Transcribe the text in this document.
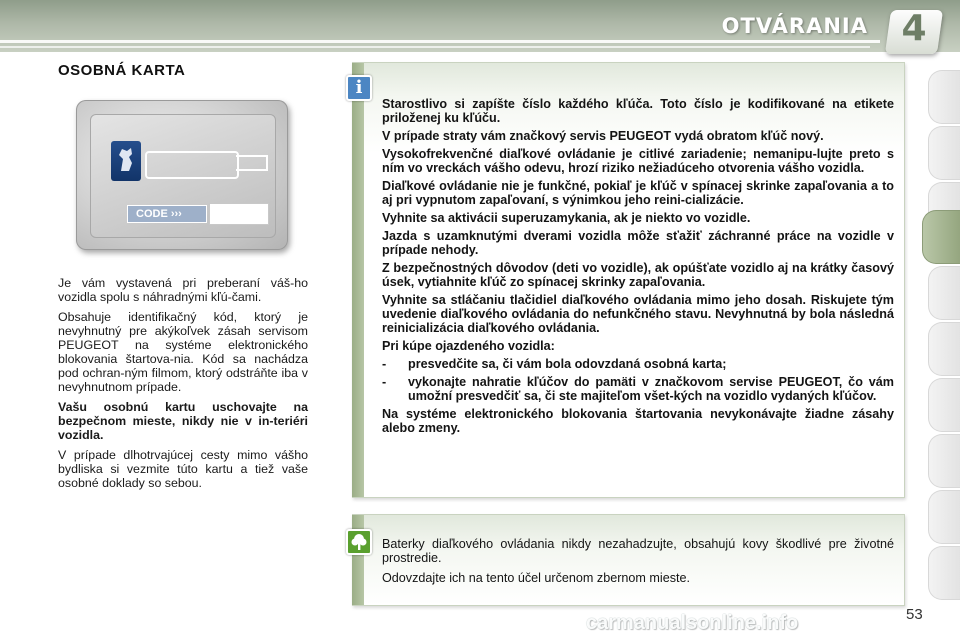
OTVÁRANIA 4
OSOBNÁ KARTA
CODE ›››

Je vám vystavená pri preberaní váš-ho vozidla spolu s náhradnými kľú-čami.

Obsahuje identifikačný kód, ktorý je nevyhnutný pre akýkoľvek zásah servisom PEUGEOT na systéme elektronického blokovania štartova-nia. Kód sa nachádza pod ochran-ným filmom, ktorý odstráňte iba v nevyhnutnom prípade.

Vašu osobnú kartu uschovajte na bezpečnom mieste, nikdy nie v in-teriéri vozidla.

V prípade dlhotrvajúcej cesty mimo vášho bydliska si vezmite túto kartu a tiež vaše osobné doklady so sebou.

i

Starostlivo si zapíšte číslo každého kľúča. Toto číslo je kodifikované na etikete priloženej ku kľúču.

V prípade straty vám značkový servis PEUGEOT vydá obratom kľúč nový.

Vysokofrekvenčné diaľkové ovládanie je citlivé zariadenie; nemanipu-lujte preto s ním vo vreckách vášho odevu, hrozí riziko nežiadúceho otvorenia vášho vozidla.

Diaľkové ovládanie nie je funkčné, pokiaľ je kľúč v spínacej skrinke zapaľovania a to aj pri vypnutom zapaľovaní, s výnimkou jeho reini-cializácie.

Vyhnite sa aktivácii superuzamykania, ak je niekto vo vozidle.

Jazda s uzamknutými dverami vozidla môže sťažiť záchranné práce na vozidle v prípade nehody.

Z bezpečnostných dôvodov (deti vo vozidle), ak opúšťate vozidlo aj na krátky časový úsek, vytiahnite kľúč zo spínacej skrinky zapaľovania.

Vyhnite sa stláčaniu tlačidiel diaľkového ovládania mimo jeho dosah. Riskujete tým uvedenie diaľkového ovládania do nefunkčného stavu. Nevyhnutná by bola následná reinicializácia diaľkového ovládania.

Pri kúpe ojazdeného vozidla:

-	presvedčite sa, či vám bola odovzdaná osobná karta;
-	vykonajte nahratie kľúčov do pamäti v značkovom servise PEUGEOT, čo vám umožní presvedčiť sa, či ste majiteľom všet-kých na vozidlo vydaných kľúčov.

Na systéme elektronického blokovania štartovania nevykonávajte žiadne zásahy alebo zmeny.

Baterky diaľkového ovládania nikdy nezahadzujte, obsahujú kovy škodlivé pre životné prostredie.

Odovzdajte ich na tento účel určenom zbernom mieste.

53
carmanualsonline.info
